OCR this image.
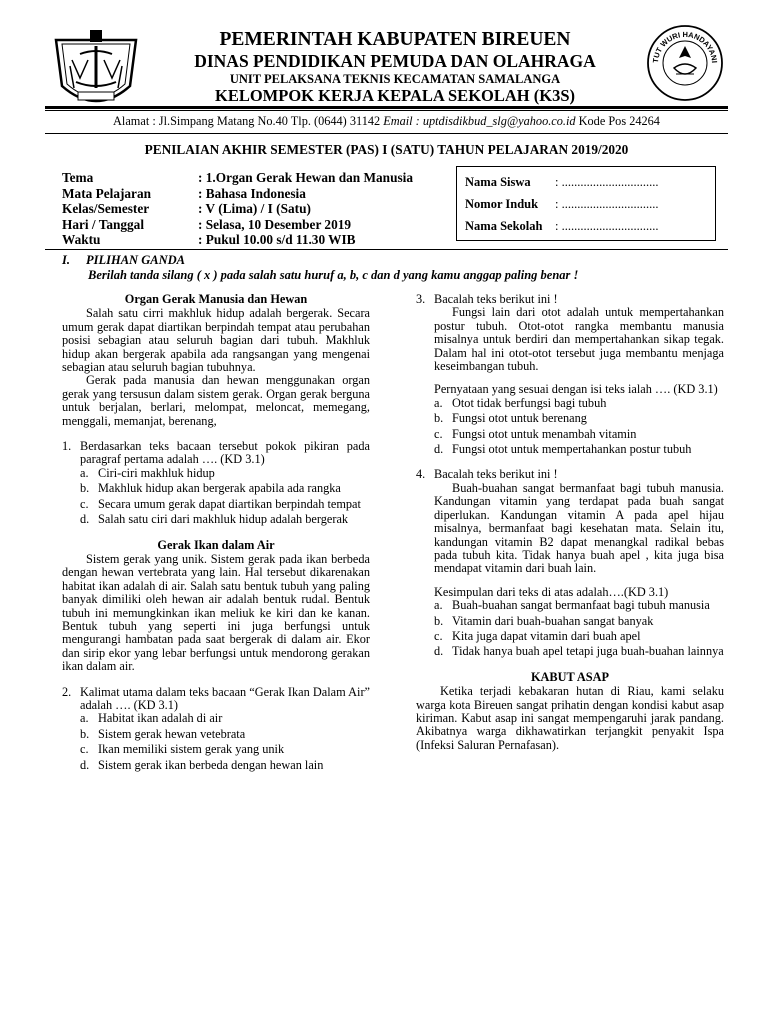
PEMERINTAH KABUPATEN BIREUEN
DINAS PENDIDIKAN PEMUDA DAN OLAHRAGA
UNIT PELAKSANA TEKNIS KECAMATAN SAMALANGA
KELOMPOK KERJA KEPALA SEKOLAH (K3S)
TUT WURI HANDAYANI
Alamat : Jl.Simpang Matang No.40 Tlp. (0644) 31142 Email : uptdisdikbud_slg@yahoo.co.id Kode Pos 24264
PENILAIAN AKHIR SEMESTER (PAS) I (SATU) TAHUN PELAJARAN 2019/2020
Tema	: 1.Organ Gerak Hewan dan Manusia
Mata Pelajaran	: Bahasa Indonesia
Kelas/Semester	: V (Lima) / I (Satu)
Hari / Tanggal	: Selasa, 10 Desember 2019
Waktu	: Pukul 10.00 s/d 11.30 WIB
Nama Siswa	: ...............................
Nomor Induk	: ...............................
Nama Sekolah	: ...............................
I. PILIHAN GANDA
Berilah tanda silang ( x ) pada salah satu huruf a, b, c dan d yang kamu anggap paling benar !
Organ Gerak Manusia dan Hewan

Salah satu cirri makhluk hidup adalah bergerak. Secara umum gerak dapat diartikan berpindah tempat atau perubahan posisi sebagian atau seluruh bagian dari tubuh. Makhluk hidup akan bergerak apabila ada rangsangan yang mengenai sebagian atau seluruh bagian tubuhnya.

Gerak pada manusia dan hewan menggunakan organ gerak yang tersusun dalam sistem gerak. Organ gerak berguna untuk berjalan, berlari, melompat, meloncat, memegang, menggali, memanjat, berenang,

1. Berdasarkan teks bacaan tersebut pokok pikiran pada paragraf pertama adalah …. (KD 3.1)
a. Ciri-ciri makhluk hidup
b. Makhluk hidup akan bergerak apabila ada rangka
c. Secara umum gerak dapat diartikan berpindah tempat
d. Salah satu ciri dari makhluk hidup adalah bergerak
Gerak Ikan dalam Air

Sistem gerak yang unik. Sistem gerak pada ikan berbeda dengan hewan vertebrata yang lain. Hal tersebut dikarenakan habitat ikan adalah di air. Salah satu bentuk tubuh yang paling banyak dimiliki oleh hewan air adalah bentuk rudal. Bentuk tubuh ini memungkinkan ikan meliuk ke kiri dan ke kanan. Bentuk tubuh yang seperti ini juga berfungsi untuk mengurangi hambatan pada saat bergerak di dalam air. Ekor dan sirip ekor yang lebar berfungsi untuk mendorong gerakan ikan dalam air.

2. Kalimat utama dalam teks bacaan “Gerak Ikan Dalam Air” adalah …. (KD 3.1)
a. Habitat ikan adalah di air
b. Sistem gerak hewan vetebrata
c. Ikan memiliki sistem gerak yang unik
d. Sistem gerak ikan berbeda dengan hewan lain
3. Bacalah teks berikut ini !

Fungsi lain dari otot adalah untuk mempertahankan postur tubuh. Otot-otot rangka membantu manusia misalnya untuk berdiri dan mempertahankan sikap tegak. Dalam hal ini otot-otot tersebut juga membantu menjaga keseimbangan tubuh.

Pernyataan yang sesuai dengan isi teks ialah …. (KD 3.1)
a. Otot tidak berfungsi bagi tubuh
b. Fungsi otot untuk berenang
c. Fungsi otot untuk menambah vitamin
d. Fungsi otot untuk mempertahankan postur tubuh
4. Bacalah teks berikut ini !

Buah-buahan sangat bermanfaat bagi tubuh manusia. Kandungan vitamin yang terdapat pada buah sangat diperlukan. Kandungan vitamin A pada apel hijau misalnya, bermanfaat bagi kesehatan mata. Selain itu, kandungan vitamin B2 dapat menangkal radikal bebas pada tubuh kita. Tidak hanya buah apel , kita juga bisa mendapat vitamin dari buah lain.

Kesimpulan dari teks di atas adalah….(KD 3.1)
a. Buah-buahan sangat bermanfaat bagi tubuh manusia
b. Vitamin dari buah-buahan sangat banyak
c. Kita juga dapat vitamin dari buah apel
d. Tidak hanya buah apel tetapi juga buah-buahan lainnya
KABUT ASAP

Ketika terjadi kebakaran hutan di Riau, kami selaku warga kota Bireuen sangat prihatin dengan kondisi kabut asap kiriman. Kabut asap ini sangat mempengaruhi jarak pandang. Akibatnya warga dikhawatirkan terjangkit penyakit Ispa (Infeksi Saluran Pernafasan).
